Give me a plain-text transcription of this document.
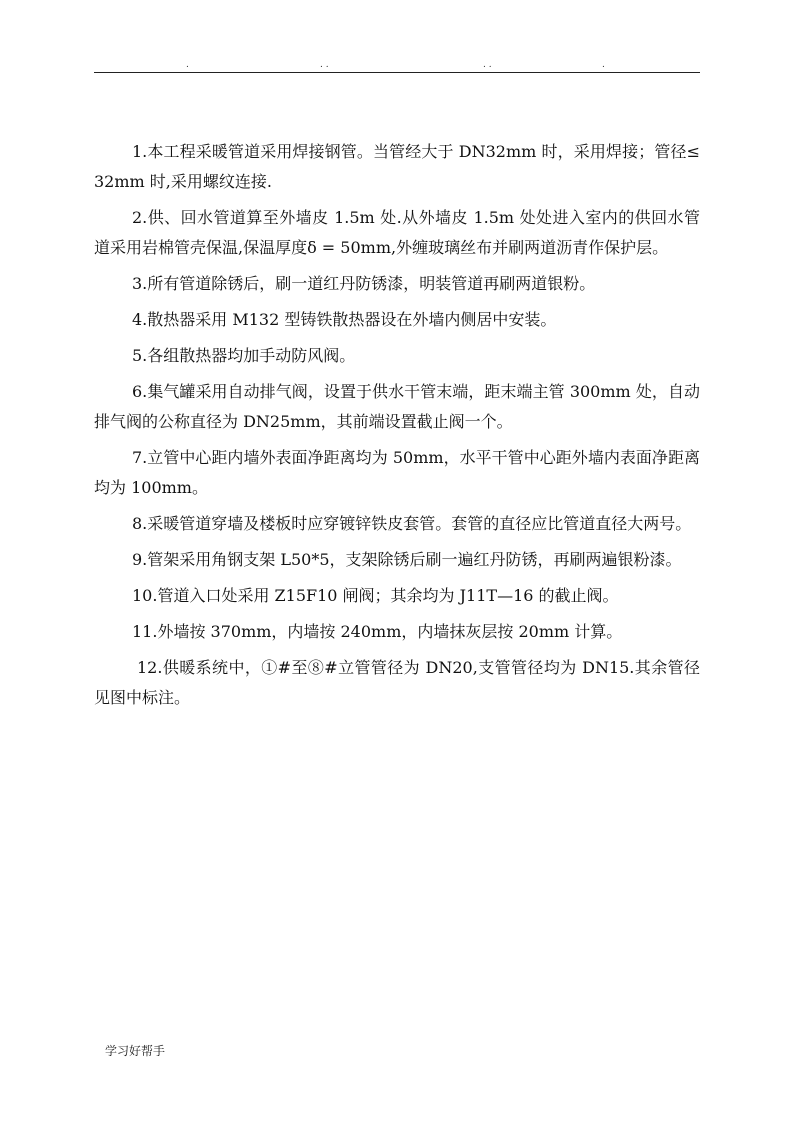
.	. .	. .	.

1.本工程采暖管道采用焊接钢管。当管经大于 DN32mm 时，采用焊接；管径≤32mm 时,采用螺纹连接.

2.供、回水管道算至外墙皮 1.5m 处.从外墙皮 1.5m 处处进入室内的供回水管道采用岩棉管壳保温,保温厚度δ = 50mm,外缠玻璃丝布并刷两道沥青作保护层。

3.所有管道除锈后，刷一道红丹防锈漆，明装管道再刷两道银粉。

4.散热器采用 M132 型铸铁散热器设在外墙内侧居中安装。

5.各组散热器均加手动防风阀。

6.集气罐采用自动排气阀，设置于供水干管末端，距末端主管 300mm 处，自动排气阀的公称直径为 DN25mm，其前端设置截止阀一个。

7.立管中心距内墙外表面净距离均为 50mm，水平干管中心距外墙内表面净距离均为 100mm。

8.采暖管道穿墙及楼板时应穿镀锌铁皮套管。套管的直径应比管道直径大两号。

9.管架采用角钢支架 L50*5，支架除锈后刷一遍红丹防锈，再刷两遍银粉漆。

10.管道入口处采用 Z15F10 闸阀；其余均为 J11T—16 的截止阀。

11.外墙按 370mm，内墙按 240mm，内墙抹灰层按 20mm 计算。

12.供暖系统中，①#至⑧#立管管径为 DN20,支管管径均为 DN15.其余管径见图中标注。

学习好帮手
